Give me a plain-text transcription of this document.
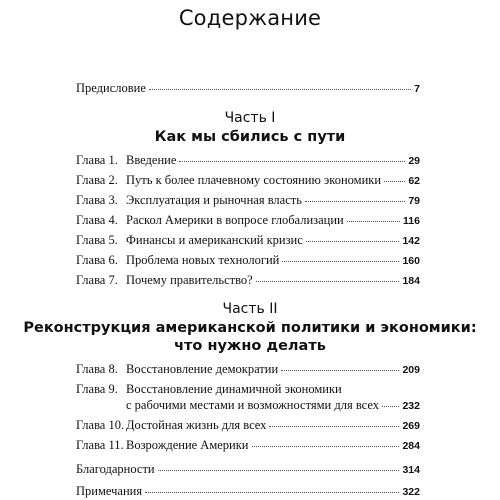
Содержание
Предисловие	7
Часть I
Как мы сбились с пути
Глава 1. Введение	29
Глава 2. Путь к более плачевному состоянию экономики	62
Глава 3. Эксплуатация и рыночная власть	79
Глава 4. Раскол Америки в вопросе глобализации	116
Глава 5. Финансы и американский кризис	142
Глава 6. Проблема новых технологий	160
Глава 7. Почему правительство?	184
Часть II
Реконструкция американской политики и экономики:
что нужно делать
Глава 8. Восстановление демократии	209
Глава 9. Восстановление динамичной экономики
с рабочими местами и возможностями для всех 232
Глава 10. Достойная жизнь для всех	269
Глава 11. Возрождение Америки	284
Благодарности	314
Примечания	322
